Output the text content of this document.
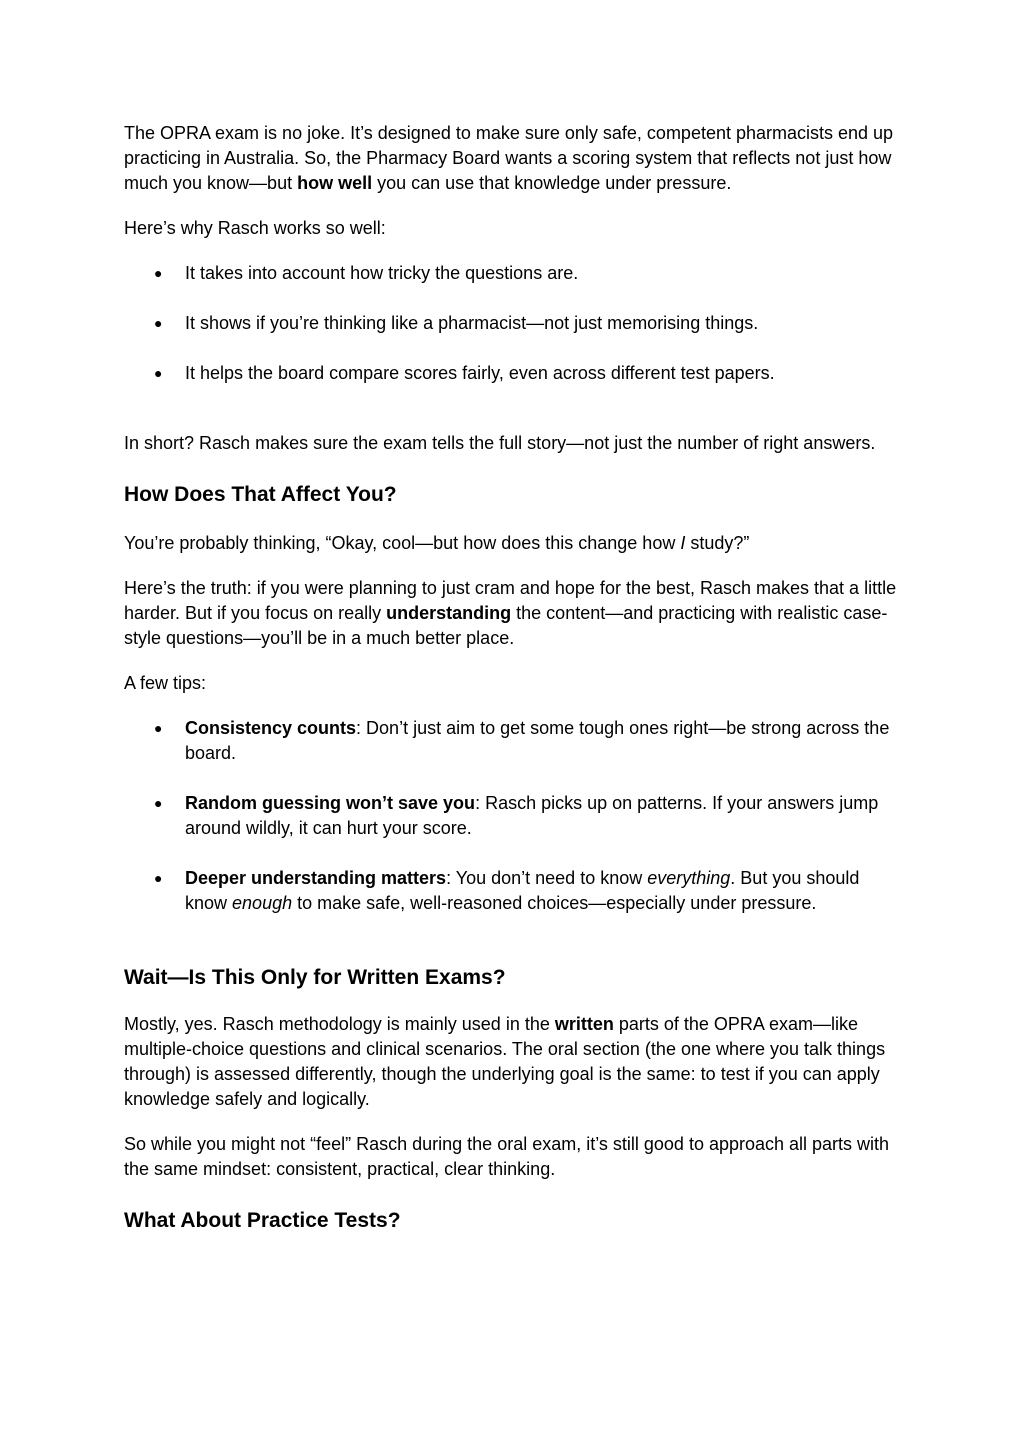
The OPRA exam is no joke. It’s designed to make sure only safe, competent pharmacists end up practicing in Australia. So, the Pharmacy Board wants a scoring system that reflects not just how much you know—but how well you can use that knowledge under pressure.

Here’s why Rasch works so well:

● It takes into account how tricky the questions are.
● It shows if you’re thinking like a pharmacist—not just memorising things.
● It helps the board compare scores fairly, even across different test papers.

In short? Rasch makes sure the exam tells the full story—not just the number of right answers.

How Does That Affect You?

You’re probably thinking, “Okay, cool—but how does this change how I study?”

Here’s the truth: if you were planning to just cram and hope for the best, Rasch makes that a little harder. But if you focus on really understanding the content—and practicing with realistic case-style questions—you’ll be in a much better place.

A few tips:

● Consistency counts: Don’t just aim to get some tough ones right—be strong across the board.
● Random guessing won’t save you: Rasch picks up on patterns. If your answers jump around wildly, it can hurt your score.
● Deeper understanding matters: You don’t need to know everything. But you should know enough to make safe, well-reasoned choices—especially under pressure.
Wait—Is This Only for Written Exams?

Mostly, yes. Rasch methodology is mainly used in the written parts of the OPRA exam—like multiple-choice questions and clinical scenarios. The oral section (the one where you talk things through) is assessed differently, though the underlying goal is the same: to test if you can apply knowledge safely and logically.

So while you might not “feel” Rasch during the oral exam, it’s still good to approach all parts with the same mindset: consistent, practical, clear thinking.

What About Practice Tests?
